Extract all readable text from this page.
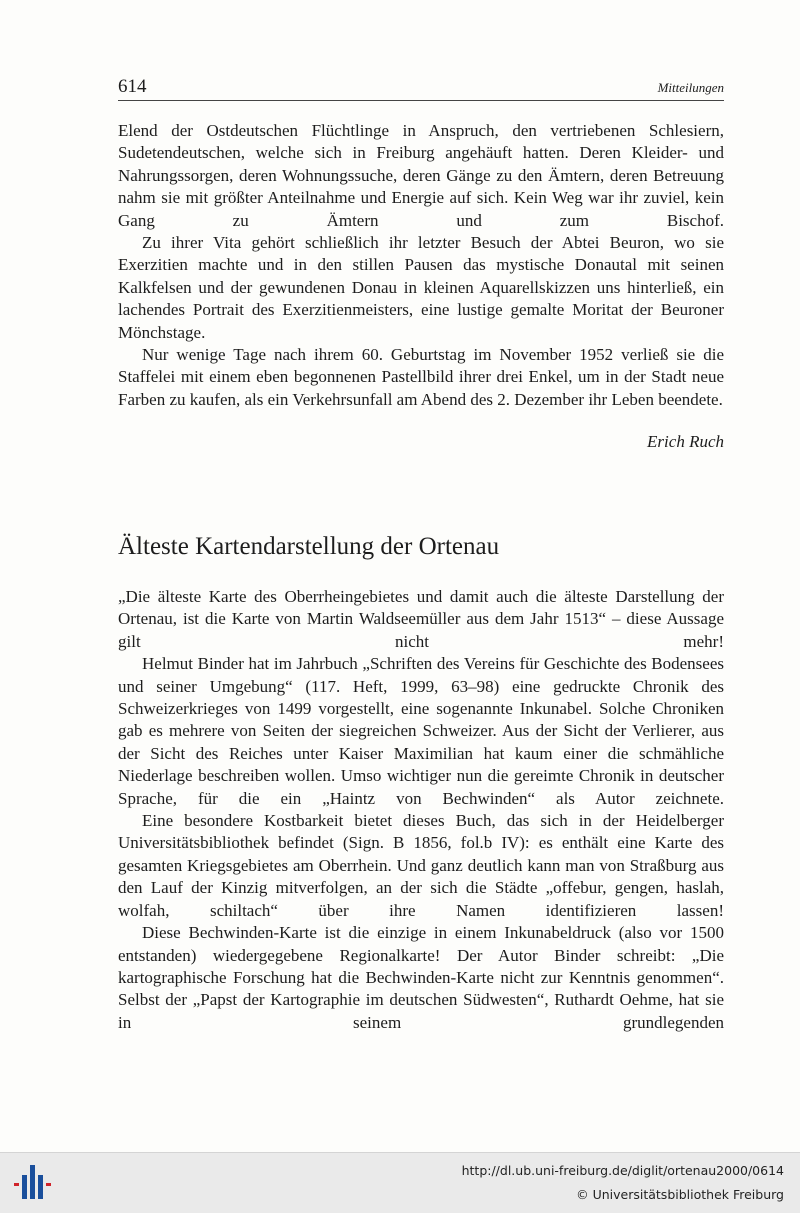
614	Mitteilungen

Elend der Ostdeutschen Flüchtlinge in Anspruch, den vertriebenen Schlesiern, Sudetendeutschen, welche sich in Freiburg angehäuft hatten. Deren Kleider- und Nahrungssorgen, deren Wohnungssuche, deren Gänge zu den Ämtern, deren Betreuung nahm sie mit größter Anteilnahme und Energie auf sich. Kein Weg war ihr zuviel, kein Gang zu Ämtern und zum Bischof.

Zu ihrer Vita gehört schließlich ihr letzter Besuch der Abtei Beuron, wo sie Exerzitien machte und in den stillen Pausen das mystische Donautal mit seinen Kalkfelsen und der gewundenen Donau in kleinen Aquarellskizzen uns hinterließ, ein lachendes Portrait des Exerzitienmeisters, eine lustige gemalte Moritat der Beuroner Mönchstage.

Nur wenige Tage nach ihrem 60. Geburtstag im November 1952 verließ sie die Staffelei mit einem eben begonnenen Pastellbild ihrer drei Enkel, um in der Stadt neue Farben zu kaufen, als ein Verkehrsunfall am Abend des 2. Dezember ihr Leben beendete.

Erich Ruch
Älteste Kartendarstellung der Ortenau

„Die älteste Karte des Oberrheingebietes und damit auch die älteste Darstellung der Ortenau, ist die Karte von Martin Waldseemüller aus dem Jahr 1513“ – diese Aussage gilt nicht mehr!

Helmut Binder hat im Jahrbuch „Schriften des Vereins für Geschichte des Bodensees und seiner Umgebung“ (117. Heft, 1999, 63–98) eine gedruckte Chronik des Schweizerkrieges von 1499 vorgestellt, eine sogenannte Inkunabel. Solche Chroniken gab es mehrere von Seiten der siegreichen Schweizer. Aus der Sicht der Verlierer, aus der Sicht des Reiches unter Kaiser Maximilian hat kaum einer die schmähliche Niederlage beschreiben wollen. Umso wichtiger nun die gereimte Chronik in deutscher Sprache, für die ein „Haintz von Bechwinden“ als Autor zeichnete.

Eine besondere Kostbarkeit bietet dieses Buch, das sich in der Heidelberger Universitätsbibliothek befindet (Sign. B 1856, fol.b IV): es enthält eine Karte des gesamten Kriegsgebietes am Oberrhein. Und ganz deutlich kann man von Straßburg aus den Lauf der Kinzig mitverfolgen, an der sich die Städte „offebur, gengen, haslah, wolfah, schiltach“ über ihre Namen identifizieren lassen!

Diese Bechwinden-Karte ist die einzige in einem Inkunabeldruck (also vor 1500 entstanden) wiedergegebene Regionalkarte! Der Autor Binder schreibt: „Die kartographische Forschung hat die Bechwinden-Karte nicht zur Kenntnis genommen“. Selbst der „Papst der Kartographie im deutschen Südwesten“, Ruthardt Oehme, hat sie in seinem grundlegenden

http://dl.ub.uni-freiburg.de/diglit/ortenau2000/0614
© Universitätsbibliothek Freiburg
